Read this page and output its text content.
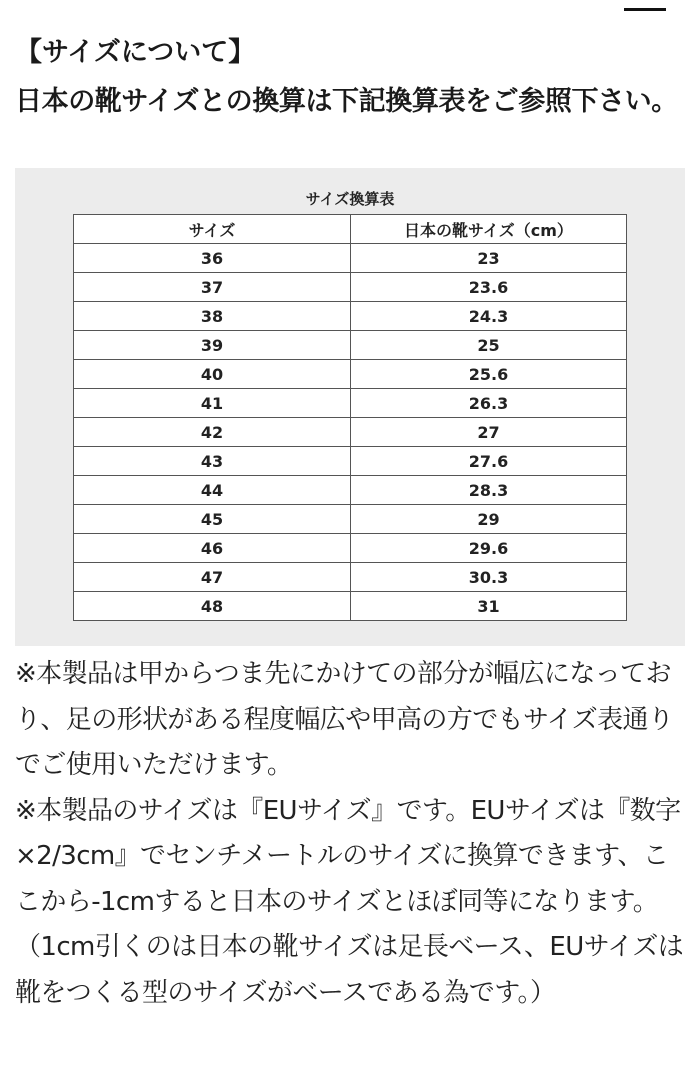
【サイズについて】
日本の靴サイズとの換算は下記換算表をご参照下さい。
サイズ換算表
サイズ	日本の靴サイズ（cm）
36	23
37	23.6
38	24.3
39	25
40	25.6
41	26.3
42	27
43	27.6
44	28.3
45	29
46	29.6
47	30.3
48	31

※本製品は甲からつま先にかけての部分が幅広になっており、足の形状がある程度幅広や甲高の方でもサイズ表通りでご使用いただけます。

※本製品のサイズは『EUサイズ』です。EUサイズは『数字×2/3cm』でセンチメートルのサイズに換算できます、ここから-1cmすると日本のサイズとほぼ同等になります。（1cm引くのは日本の靴サイズは足長ベース、EUサイズは靴をつくる型のサイズがベースである為です。）
